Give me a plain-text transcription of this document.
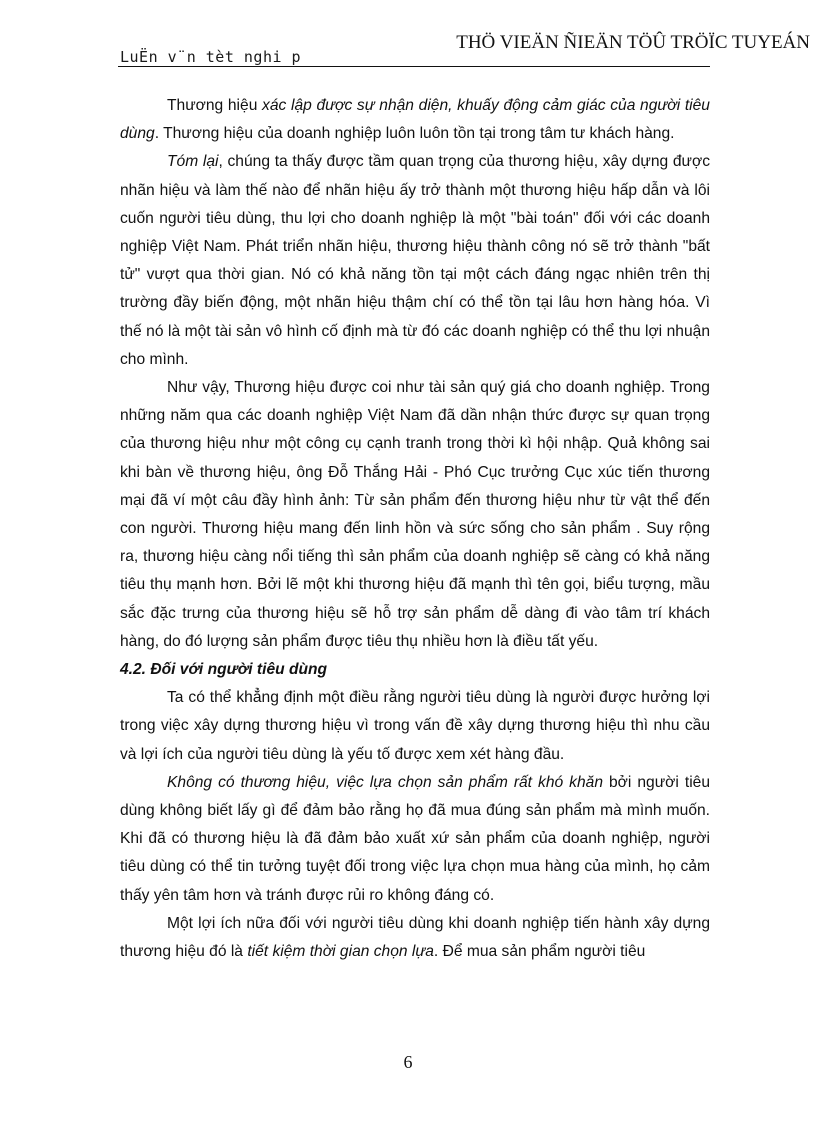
LuËn v¨n tèt nghi p
THÖ VIEÄN ÑIEÄN TÖÛ TRÖÏC TUYEÁN

Thương hiệu xác lập được sự nhận diện, khuấy động cảm giác của người tiêu dùng. Thương hiệu của doanh nghiệp luôn luôn tồn tại trong tâm tư khách hàng.

Tóm lại, chúng ta thấy được tầm quan trọng của thương hiệu, xây dựng được nhãn hiệu và làm thế nào để nhãn hiệu ấy trở thành một thương hiệu hấp dẫn và lôi cuốn người tiêu dùng, thu lợi cho doanh nghiệp là một "bài toán" đối với các doanh nghiệp Việt Nam. Phát triển nhãn hiệu, thương hiệu thành công nó sẽ trở thành "bất tử" vượt qua thời gian. Nó có khả năng tồn tại một cách đáng ngạc nhiên trên thị trường đầy biến động, một nhãn hiệu thậm chí có thể tồn tại lâu hơn hàng hóa. Vì thế nó là một tài sản vô hình cố định mà từ đó các doanh nghiệp có thể thu lợi nhuận cho mình.

Như vậy, Thương hiệu được coi như tài sản quý giá cho doanh nghiệp. Trong những năm qua các doanh nghiệp Việt Nam đã dần nhận thức được sự quan trọng của thương hiệu như một công cụ cạnh tranh trong thời kì hội nhập. Quả không sai khi bàn về thương hiệu, ông Đỗ Thắng Hải - Phó Cục trưởng Cục xúc tiến thương mại đã ví một câu đầy hình ảnh: Từ sản phẩm đến thương hiệu như từ vật thể đến con người. Thương hiệu mang đến linh hồn và sức sống cho sản phẩm . Suy rộng ra, thương hiệu càng nổi tiếng thì sản phẩm của doanh nghiệp sẽ càng có khả năng tiêu thụ mạnh hơn. Bởi lẽ một khi thương hiệu đã mạnh thì tên gọi, biểu tượng, mầu sắc đặc trưng của thương hiệu sẽ hỗ trợ sản phẩm dễ dàng đi vào tâm trí khách hàng, do đó lượng sản phẩm được tiêu thụ nhiều hơn là điều tất yếu.

4.2. Đối với người tiêu dùng

Ta có thể khẳng định một điều rằng người tiêu dùng là người được hưởng lợi trong việc xây dựng thương hiệu vì trong vấn đề xây dựng thương hiệu thì nhu cầu và lợi ích của người tiêu dùng là yếu tố được xem xét hàng đầu.

Không có thương hiệu, việc lựa chọn sản phẩm rất khó khăn bởi người tiêu dùng không biết lấy gì để đảm bảo rằng họ đã mua đúng sản phẩm mà mình muốn. Khi đã có thương hiệu là đã đảm bảo xuất xứ sản phẩm của doanh nghiệp, người tiêu dùng có thể tin tưởng tuyệt đối trong việc lựa chọn mua hàng của mình, họ cảm thấy yên tâm hơn và tránh được rủi ro không đáng có.

Một lợi ích nữa đối với người tiêu dùng khi doanh nghiệp tiến hành xây dựng thương hiệu đó là tiết kiệm thời gian chọn lựa. Để mua sản phẩm người tiêu

6
